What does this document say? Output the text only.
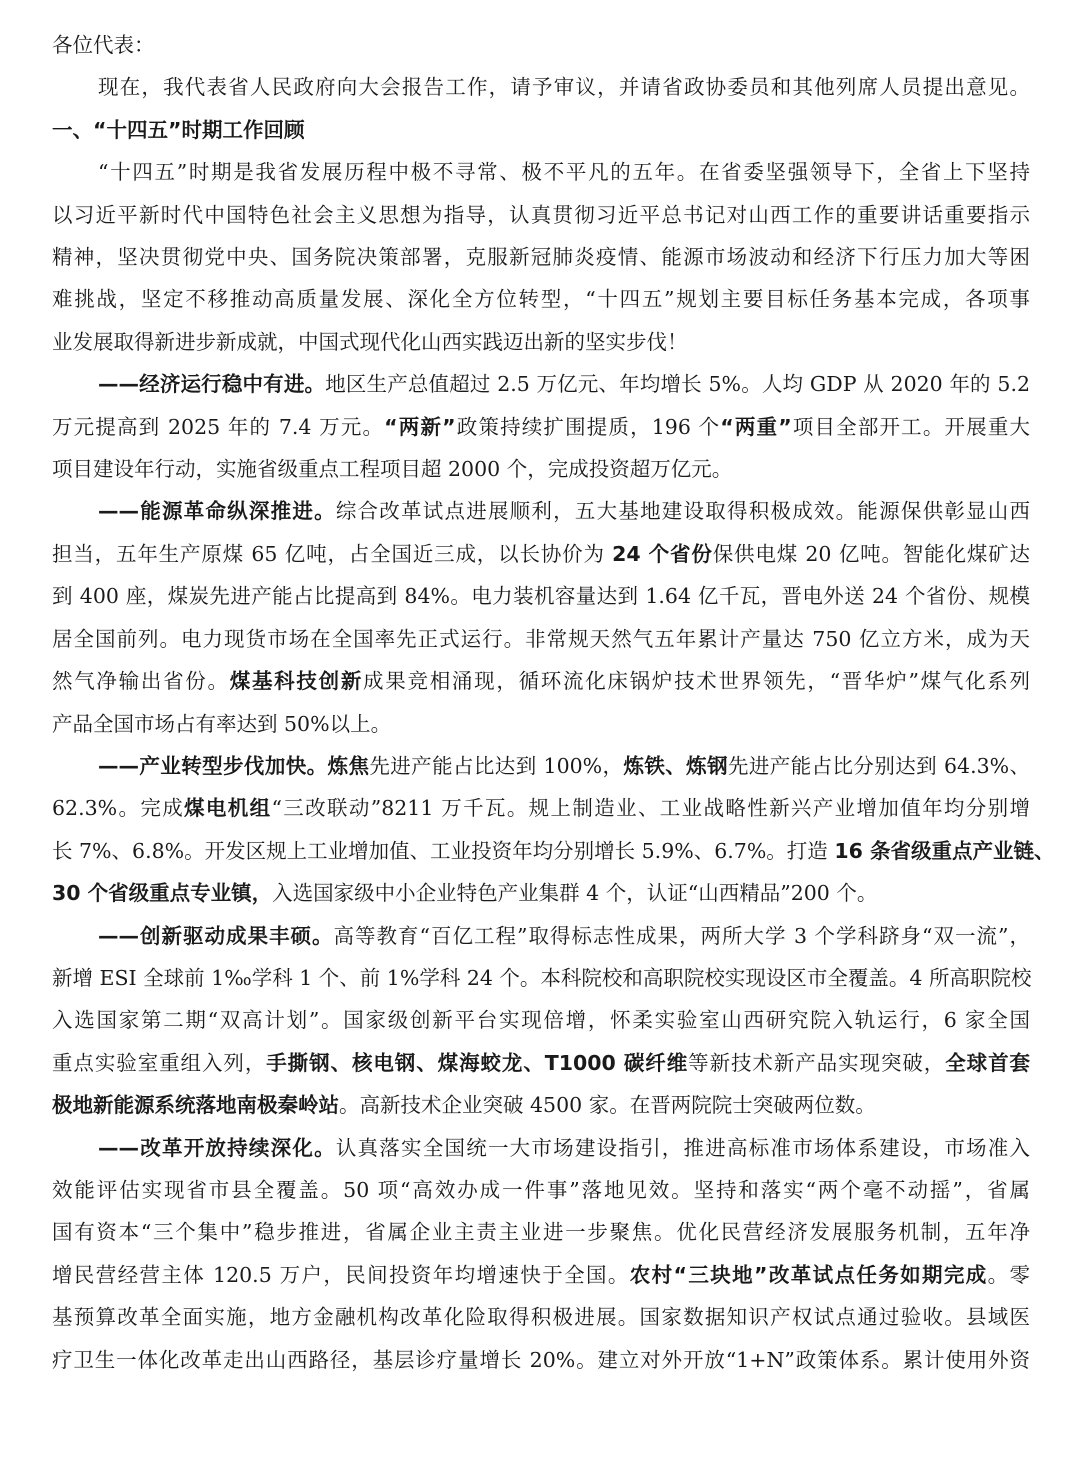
各位代表：
现在，我代表省人民政府向大会报告工作，请予审议，并请省政协委员和其他列席人员提出意见。
一、“十四五”时期工作回顾
“十四五”时期是我省发展历程中极不寻常、极不平凡的五年。在省委坚强领导下，全省上下坚持
以习近平新时代中国特色社会主义思想为指导，认真贯彻习近平总书记对山西工作的重要讲话重要指示
精神，坚决贯彻党中央、国务院决策部署，克服新冠肺炎疫情、能源市场波动和经济下行压力加大等困
难挑战，坚定不移推动高质量发展、深化全方位转型，“十四五”规划主要目标任务基本完成，各项事
业发展取得新进步新成就，中国式现代化山西实践迈出新的坚实步伐！
——经济运行稳中有进。地区生产总值超过 2.5 万亿元、年均增长 5%。人均 GDP 从 2020 年的 5.2
万元提高到 2025 年的 7.4 万元。“两新”政策持续扩围提质，196 个“两重”项目全部开工。开展重大
项目建设年行动，实施省级重点工程项目超 2000 个，完成投资超万亿元。
——能源革命纵深推进。综合改革试点进展顺利，五大基地建设取得积极成效。能源保供彰显山西
担当，五年生产原煤 65 亿吨，占全国近三成，以长协价为 24 个省份保供电煤 20 亿吨。智能化煤矿达
到 400 座，煤炭先进产能占比提高到 84%。电力装机容量达到 1.64 亿千瓦，晋电外送 24 个省份、规模
居全国前列。电力现货市场在全国率先正式运行。非常规天然气五年累计产量达 750 亿立方米，成为天
然气净输出省份。煤基科技创新成果竞相涌现，循环流化床锅炉技术世界领先，“晋华炉”煤气化系列
产品全国市场占有率达到 50%以上。
——产业转型步伐加快。炼焦先进产能占比达到 100%，炼铁、炼钢先进产能占比分别达到 64.3%、
62.3%。完成煤电机组“三改联动”8211 万千瓦。规上制造业、工业战略性新兴产业增加值年均分别增
长 7%、6.8%。开发区规上工业增加值、工业投资年均分别增长 5.9%、6.7%。打造 16 条省级重点产业链、
30 个省级重点专业镇，入选国家级中小企业特色产业集群 4 个，认证“山西精品”200 个。
——创新驱动成果丰硕。高等教育“百亿工程”取得标志性成果，两所大学 3 个学科跻身“双一流”，
新增 ESI 全球前 1‰学科 1 个、前 1%学科 24 个。本科院校和高职院校实现设区市全覆盖。4 所高职院校
入选国家第二期“双高计划”。国家级创新平台实现倍增，怀柔实验室山西研究院入轨运行，6 家全国
重点实验室重组入列，手撕钢、核电钢、煤海蛟龙、T1000 碳纤维等新技术新产品实现突破，全球首套
极地新能源系统落地南极秦岭站。高新技术企业突破 4500 家。在晋两院院士突破两位数。
——改革开放持续深化。认真落实全国统一大市场建设指引，推进高标准市场体系建设，市场准入
效能评估实现省市县全覆盖。50 项“高效办成一件事”落地见效。坚持和落实“两个毫不动摇”，省属
国有资本“三个集中”稳步推进，省属企业主责主业进一步聚焦。优化民营经济发展服务机制，五年净
增民营经营主体 120.5 万户，民间投资年均增速快于全国。农村“三块地”改革试点任务如期完成。零
基预算改革全面实施，地方金融机构改革化险取得积极进展。国家数据知识产权试点通过验收。县域医
疗卫生一体化改革走出山西路径，基层诊疗量增长 20%。建立对外开放“1+N”政策体系。累计使用外资
